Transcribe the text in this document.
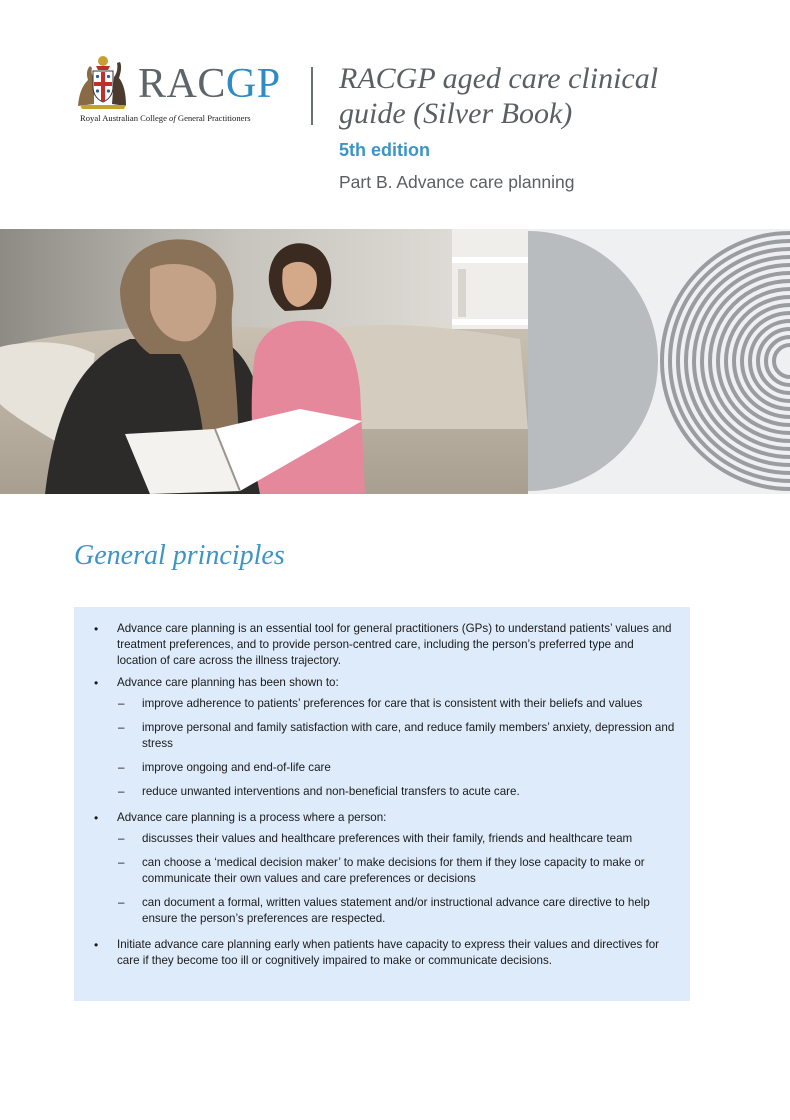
RACGP
Royal Australian College of General Practitioners
RACGP aged care clinical
guide (Silver Book)
5th edition
Part B. Advance care planning
General principles
• Advance care planning is an essential tool for general practitioners (GPs) to understand patients’ values and treatment preferences, and to provide person-centred care, including the person’s preferred type and location of care across the illness trajectory.
• Advance care planning has been shown to:
– improve adherence to patients’ preferences for care that is consistent with their beliefs and values
– improve personal and family satisfaction with care, and reduce family members’ anxiety, depression and stress
– improve ongoing and end-of-life care
– reduce unwanted interventions and non-beneficial transfers to acute care.
• Advance care planning is a process where a person:
– discusses their values and healthcare preferences with their family, friends and healthcare team
– can choose a ‘medical decision maker’ to make decisions for them if they lose capacity to make or communicate their own values and care preferences or decisions
– can document a formal, written values statement and/or instructional advance care directive to help ensure the person’s preferences are respected.
• Initiate advance care planning early when patients have capacity to express their values and directives for care if they become too ill or cognitively impaired to make or communicate decisions.
